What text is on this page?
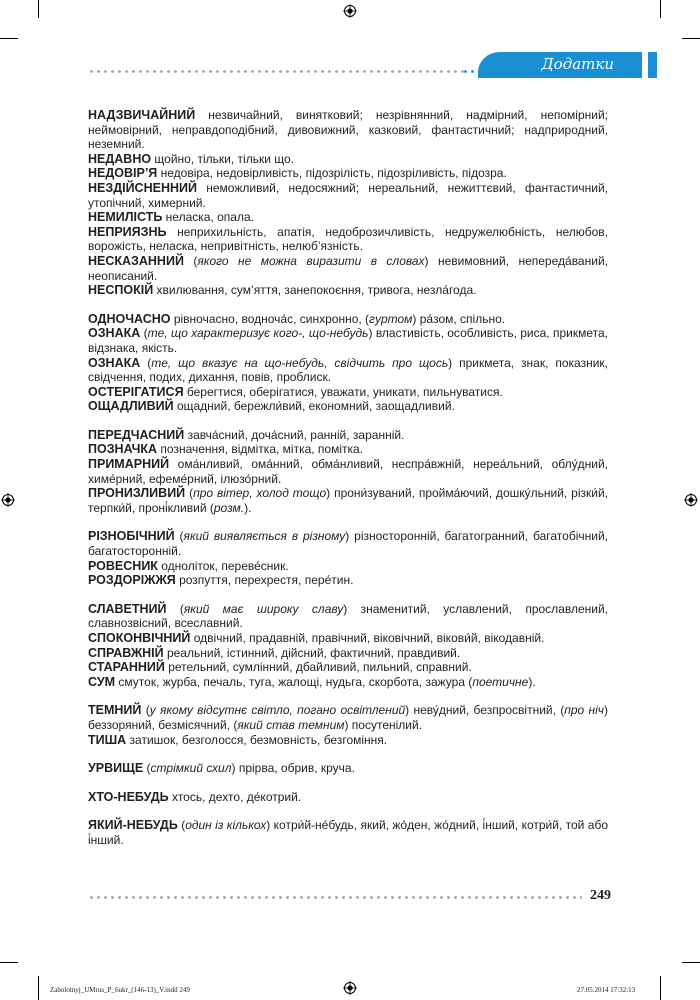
Додатки

НАДЗВИЧАЙНИЙ незвичайний, винятковий; незрівнянний, надмірний, непомірний; неймовірний, неправдоподібний, дивовижний, казковий, фантастичний; надприродний, неземний.

НЕДАВНО щойно, тільки, тільки що.

НЕДОВІР’Я недовіра, недовірливість, підозрілість, підозріливість, підозра.

НЕЗДІЙСНЕННИЙ неможливий, недосяжний; нереальний, нежиттєвий, фантастичний, утопічний, химерний.

НЕМИЛІСТЬ неласка, опала.

НЕПРИЯЗНЬ неприхильність, апатія, недоброзичливість, недружелюбність, нелюбов, ворожість, неласка, непривітність, нелюб’язність.

НЕСКАЗАННИЙ (якого не можна виразити в словах) невимовний, непереда́ваний, неописаний.

НЕСПОКІЙ хвилювання, сум’яття, занепокоєння, тривога, незла́года.

ОДНОЧАСНО рівночасно, водноча́с, синхронно, (гуртом) ра́зом, спільно.

ОЗНАКА (те, що характеризує кого-, що-небудь) властивість, особливість, риса, прикмета, відзнака, якість.

ОЗНАКА (те, що вказує на що-небудь, свідчить про щось) прикмета, знак, показник, свідчення, подих, дихання, повів, проблиск.

ОСТЕРІГАТИСЯ берегтися, оберігатися, уважати, уникати, пильнуватися.

ОЩАДЛИВИЙ ощадний, бережли́вий, економний, заощадливий.

ПЕРЕДЧАСНИЙ завча́сний, доча́сний, ранній, заранній.

ПОЗНАЧКА позначення, відмітка, мітка, помітка.

ПРИМАРНИЙ ома́нливий, ома́нний, обма́нливий, неспра́вжній, нереа́льний, облу́дний, химе́рний, ефеме́рний, ілюзо́рний.

ПРОНИЗЛИВИЙ (про вітер, холод тощо) прони́зуваний, пройма́ючий, дошку́льний, різки́й, терпки́й, проні́кливий (розм.).

РІЗНОБІЧНИЙ (який виявляється в різному) різносторонній, багатогранний, багатобічний, багатосторонній.

РОВЕСНИК одноліток, переве́сник.

РОЗДОРІЖЖЯ розпуття, перехрестя, пере́тин.

СЛАВЕТНИЙ (який має широку славу) знаменитий, уславлений, прославлений, славнозвісний, всеславний.

СПОКОНВІЧНИЙ одвічний, прадавній, правічний, віковічний, вікови́й, вікодавній.

СПРАВЖНІЙ реальний, істинний, дійсний, фактичний, правдивий.

СТАРАННИЙ ретельний, сумлінний, дбайливий, пильний, справний.

СУМ смуток, журба, печаль, туга, жалощі, нудьга, скорбота, зажура (поетичне).

ТЕМНИЙ (у якому відсутнє світло, погано освітлений) неву́дний, безпросвітний, (про ніч) беззоряний, безмісячний, (який став темним) посутенілий.

ТИША затишок, безголосся, безмовність, безгоміння.

УРВИЩЕ (стрімкий схил) прірва, обрив, круча.

ХТО-НЕБУДЬ хтось, дехто, де́котрий.

ЯКИЙ-НЕБУДЬ (один із кількох) котри́й-не́будь, який, жо́ден, жо́дний, і́нший, котри́й, той або і́нший.

249
Zabolotnyj_UMrus_P_6ukr_(146-13)_V.indd 249	27.05.2014 17:32:13
